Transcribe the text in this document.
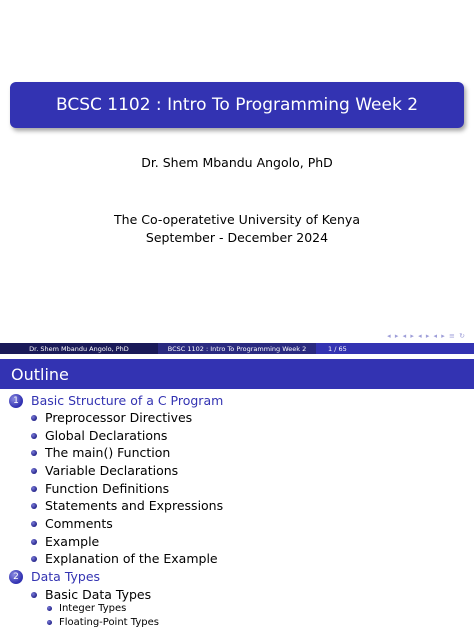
BCSC 1102 : Intro To Programming Week 2
Dr. Shem Mbandu Angolo, PhD
The Co-operatetive University of Kenya
September - December 2024
◂ ▸ ◂ ▸ ◂ ▸ ◂ ▸ ≡ ↻
Dr. Shem Mbandu Angolo, PhD	BCSC 1102 : Intro To Programming Week 2	1 / 65
Outline
1 Basic Structure of a C Program
Preprocessor Directives
Global Declarations
The main() Function
Variable Declarations
Function Definitions
Statements and Expressions
Comments
Example
Explanation of the Example
2 Data Types
Basic Data Types
Integer Types
Floating-Point Types
